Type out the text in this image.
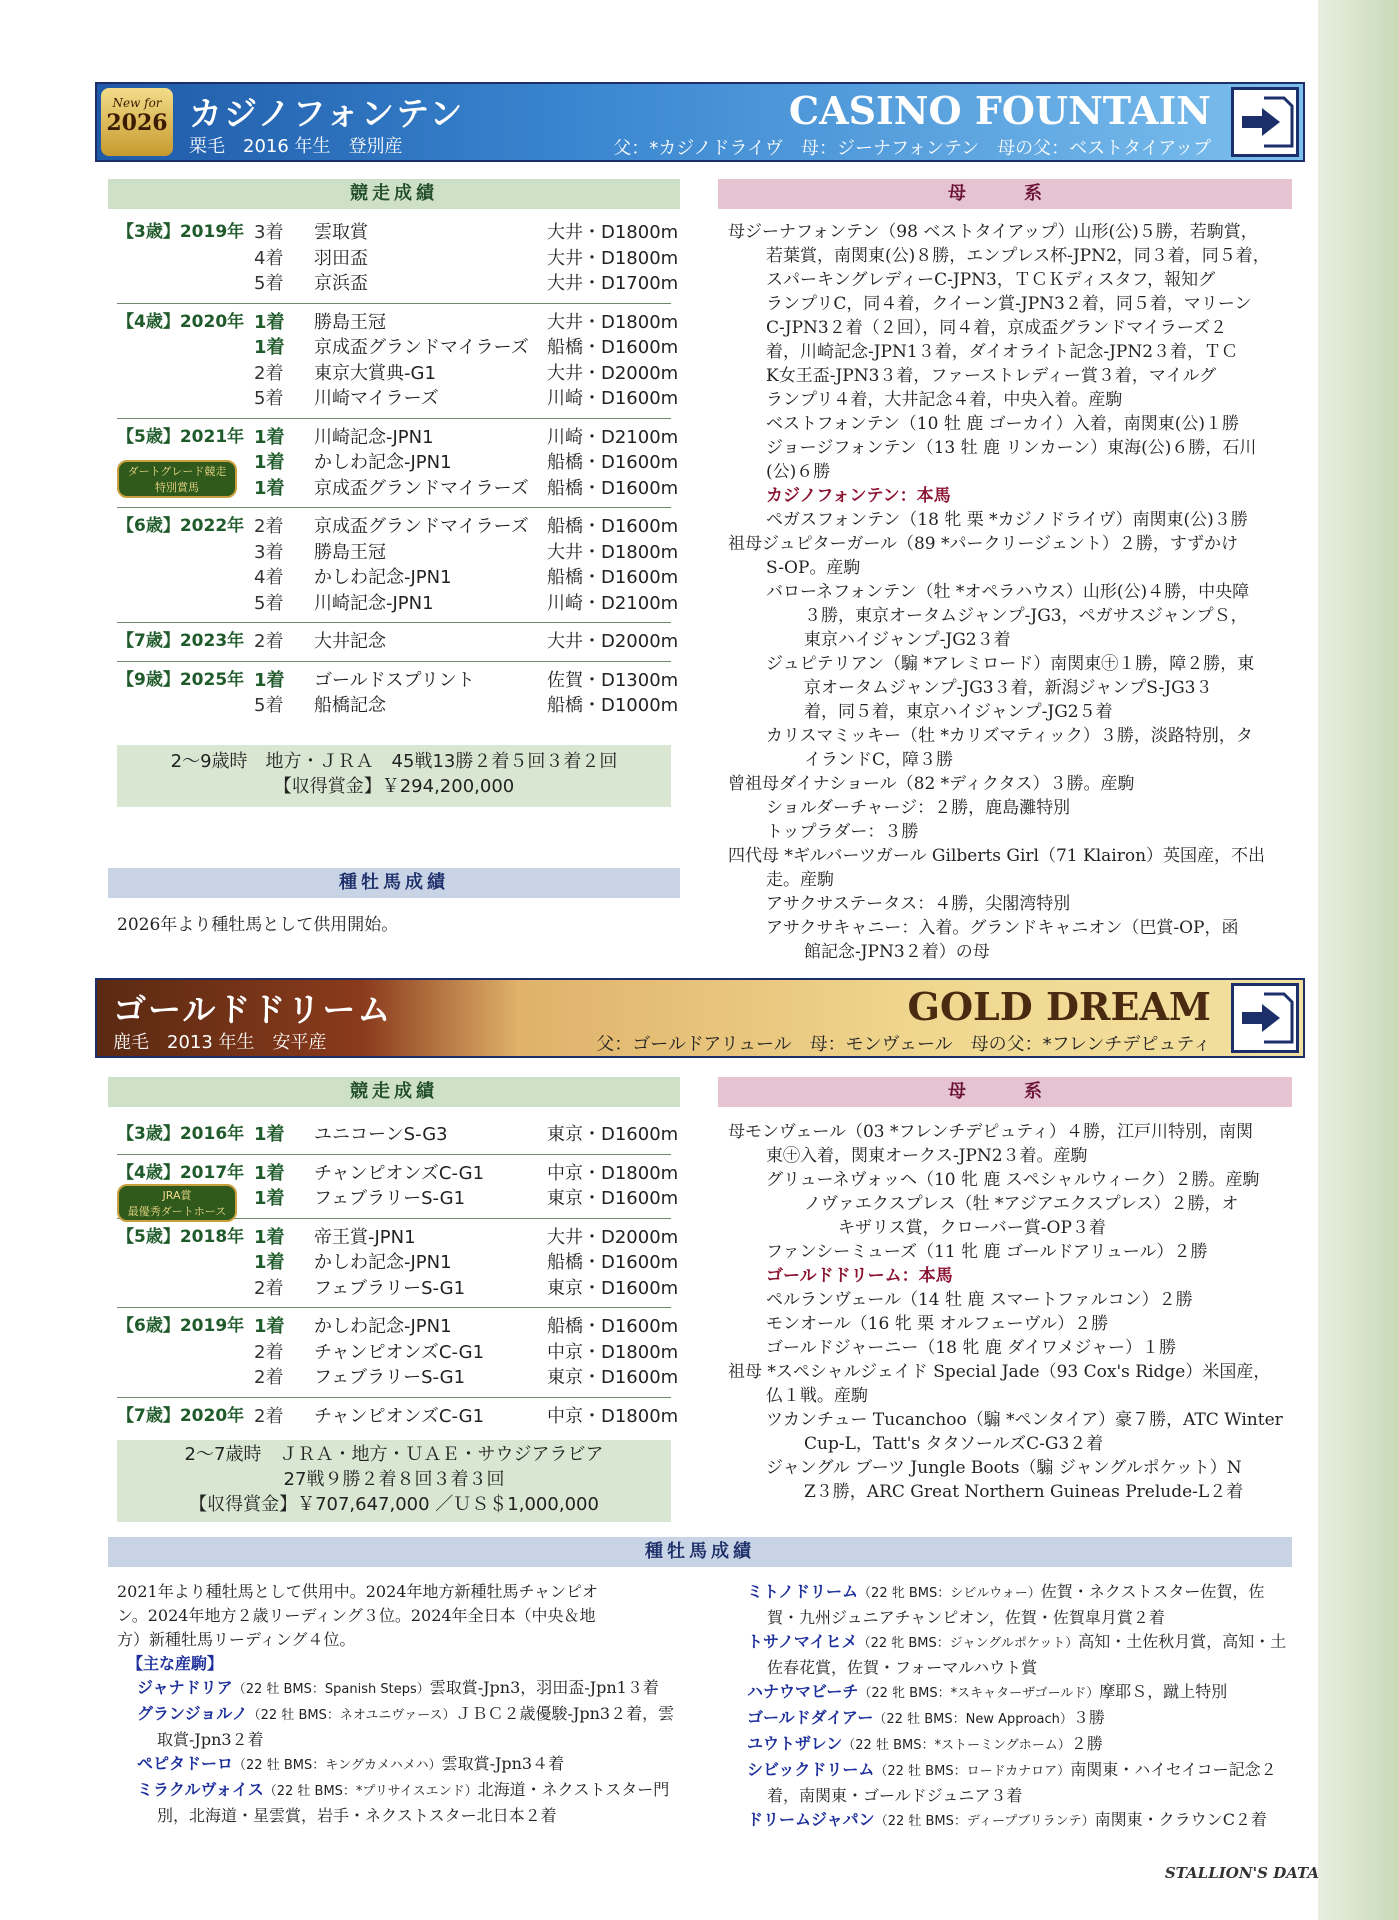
New for
2026 カジノフォンテン
栗毛　2016 年生　登別産
CASINO FOUNTAIN
父：*カジノドライヴ　母：ジーナフォンテン　母の父：ベストタイアップ
競走成績	母　系
【3歳】2019年 3着 雲取賞	大井・D1800m
4着 羽田盃	大井・D1800m
5着 京浜盃	大井・D1700m
【4歳】2020年 1着 勝島王冠	大井・D1800m
1着 京成盃グランドマイラーズ 船橋・D1600m
2着 東京大賞典-G1	大井・D2000m
5着 川崎マイラーズ	川崎・D1600m
【5歳】2021年 1着 川崎記念-JPN1	川崎・D2100m
1着 かしわ記念-JPN1	船橋・D1600m
1着 京成盃グランドマイラーズ 船橋・D1600m
【6歳】2022年 2着 京成盃グランドマイラーズ 船橋・D1600m
3着 勝島王冠	大井・D1800m
4着 かしわ記念-JPN1	船橋・D1600m
5着 川崎記念-JPN1	川崎・D2100m
【7歳】2023年 2着 大井記念	大井・D2000m
【9歳】2025年 1着 ゴールドスプリント	佐賀・D1300m
5着 船橋記念	船橋・D1000m
ダートグレード競走
特別賞馬
2～9歳時　地方・ＪＲＡ　45戦13勝２着５回３着２回
【収得賞金】￥294,200,000
種牡馬成績
2026年より種牡馬として供用開始。

母ジーナフォンテン（98 ベストタイアップ）山形(公)５勝，若駒賞，

若葉賞，南関東(公)８勝，エンプレス杯-JPN2，同３着，同５着，

スパーキングレディーC-JPN3，ＴＣＫディスタフ，報知グ

ランプリC，同４着，クイーン賞-JPN3２着，同５着，マリーン

C-JPN3２着（２回），同４着，京成盃グランドマイラーズ２

着，川崎記念-JPN1３着，ダイオライト記念-JPN2３着，ＴＣ

K女王盃-JPN3３着，ファーストレディー賞３着，マイルグ

ランプリ４着，大井記念４着，中央入着。産駒

ベストフォンテン（10 牡 鹿 ゴーカイ）入着，南関東(公)１勝

ジョージフォンテン（13 牡 鹿 リンカーン）東海(公)６勝，石川(公)６勝

カジノフォンテン：本馬

ペガスフォンテン（18 牝 栗 *カジノドライヴ）南関東(公)３勝

祖母ジュピターガール（89 *パークリージェント）２勝，すずかけ

S-OP。産駒

バローネフォンテン（牡 *オペラハウス）山形(公)４勝，中央障

３勝，東京オータムジャンプ-JG3，ペガサスジャンプＳ，

東京ハイジャンプ-JG2３着

ジュピテリアン（騸 *アレミロード）南関東㊉１勝，障２勝，東

京オータムジャンプ-JG3３着，新潟ジャンプS-JG3３

着，同５着，東京ハイジャンプ-JG2５着

カリスマミッキー（牡 *カリズマティック）３勝，淡路特別，タ

イランドC，障３勝

曾祖母ダイナショール（82 *ディクタス）３勝。産駒

ショルダーチャージ：２勝，鹿島灘特別

トップラダー：３勝

四代母 *ギルバーツガール Gilberts Girl（71 Klairon）英国産，不出

走。産駒

アサクサステータス：４勝，尖閣湾特別

アサクサキャニー：入着。グランドキャニオン（巴賞-OP，函

館記念-JPN3２着）の母

ゴールドドリーム
鹿毛　2013 年生　安平産
GOLD DREAM
父：ゴールドアリュール　母：モンヴェール　母の父：*フレンチデピュティ
競走成績	母　系
【3歳】2016年 1着 ユニコーンS-G3	東京・D1600m
【4歳】2017年 1着 チャンピオンズC-G1	中京・D1800m
1着 フェブラリーS-G1	東京・D1600m
【5歳】2018年 1着 帝王賞-JPN1	大井・D2000m
1着 かしわ記念-JPN1	船橋・D1600m
2着 フェブラリーS-G1	東京・D1600m
【6歳】2019年 1着 かしわ記念-JPN1	船橋・D1600m
2着 チャンピオンズC-G1	中京・D1800m
2着 フェブラリーS-G1	東京・D1600m
【7歳】2020年 2着 チャンピオンズC-G1	中京・D1800m
JRA賞
最優秀ダートホース
2～7歳時　ＪＲＡ・地方・ＵＡＥ・サウジアラビア
27戦９勝２着８回３着３回
【収得賞金】￥707,647,000 ／ＵＳ＄1,000,000

母モンヴェール（03 *フレンチデピュティ）４勝，江戸川特別，南関

東㊉入着，関東オークス-JPN2３着。産駒

グリューネヴォッヘ（10 牝 鹿 スペシャルウィーク）２勝。産駒

ノヴァエクスプレス（牡 *アジアエクスプレス）２勝，オ

キザリス賞，クローバー賞-OP３着

ファンシーミューズ（11 牝 鹿 ゴールドアリュール）２勝

ゴールドドリーム：本馬

ペルランヴェール（14 牡 鹿 スマートファルコン）２勝

モンオール（16 牝 栗 オルフェーヴル）２勝

ゴールドジャーニー（18 牝 鹿 ダイワメジャー）１勝

祖母 *スペシャルジェイド Special Jade（93 Cox's Ridge）米国産，

仏１戦。産駒

ツカンチュー Tucanchoo（騸 *ペンタイア）豪７勝，ATC Winter

Cup-L，Tatt's タタソールズC-G3２着

ジャングル ブーツ Jungle Boots（騸 ジャングルポケット）N

Z３勝，ARC Great Northern Guineas Prelude-L２着

種牡馬成績

2021年より種牡馬として供用中。2024年地方新種牡馬チャンピオ

ン。2024年地方２歳リーディング３位。2024年全日本（中央＆地

方）新種牡馬リーディング４位。

【主な産駒】

ジャナドリア（22 牡 BMS：Spanish Steps）雲取賞-Jpn3，羽田盃-Jpn1３着

グランジョルノ（22 牡 BMS：ネオユニヴァース）ＪＢＣ２歳優駿-Jpn3２着，雲取賞-Jpn3２着

ペピタドーロ（22 牡 BMS：キングカメハメハ）雲取賞-Jpn3４着

ミラクルヴォイス（22 牡 BMS：*プリサイスエンド）北海道・ネクストスター門別，北海道・星雲賞，岩手・ネクストスター北日本２着

ミトノドリーム（22 牝 BMS：シビルウォー）佐賀・ネクストスター佐賀，佐賀・九州ジュニアチャンピオン，佐賀・佐賀皐月賞２着

トサノマイヒメ（22 牝 BMS：ジャングルポケット）高知・土佐秋月賞，高知・土佐春花賞，佐賀・フォーマルハウト賞

ハナウマビーチ（22 牝 BMS：*スキャターザゴールド）摩耶Ｓ，蹴上特別

ゴールドダイアー（22 牡 BMS：New Approach）３勝

ユウトザレン（22 牡 BMS：*ストーミングホーム）２勝

シビックドリーム（22 牡 BMS：ロードカナロア）南関東・ハイセイコー記念２着，南関東・ゴールドジュニア３着

ドリームジャパン（22 牡 BMS：ディープブリランテ）南関東・クラウンC２着

STALLION'S DATA
